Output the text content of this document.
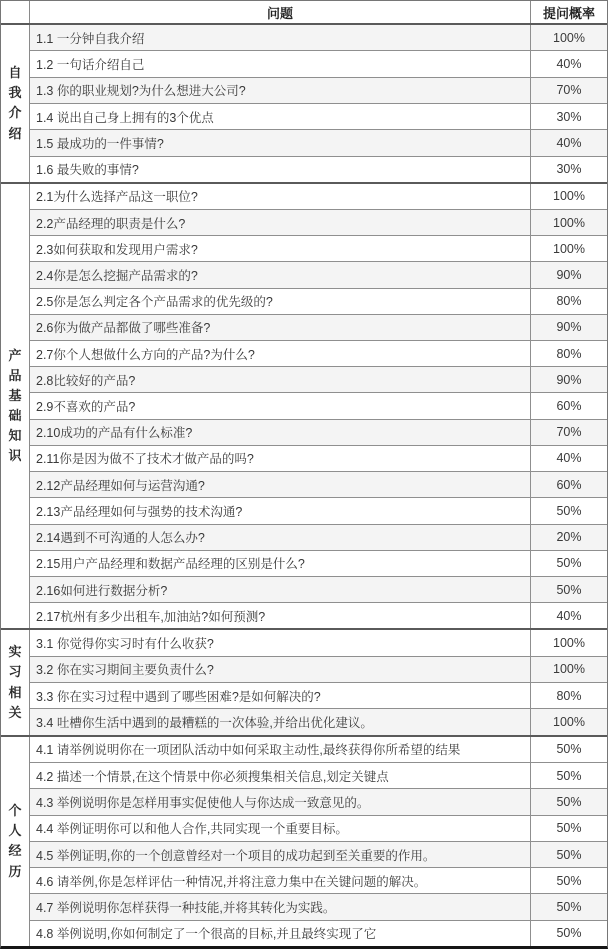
问题	提问概率
自我介绍
1.1 一分钟自我介绍	100%
1.2 一句话介绍自己	40%
1.3 你的职业规划?为什么想进大公司?	70%
1.4 说出自己身上拥有的3个优点	30%
1.5 最成功的一件事情?	40%
1.6 最失败的事情?	30%
产品基础知识
2.1为什么选择产品这一职位?	100%
2.2产品经理的职责是什么?	100%
2.3如何获取和发现用户需求?	100%
2.4你是怎么挖掘产品需求的?	90%
2.5你是怎么判定各个产品需求的优先级的?	80%
2.6你为做产品都做了哪些准备?	90%
2.7你个人想做什么方向的产品?为什么?	80%
2.8比较好的产品?	90%
2.9不喜欢的产品?	60%
2.10成功的产品有什么标准?	70%
2.11你是因为做不了技术才做产品的吗?	40%
2.12产品经理如何与运营沟通?	60%
2.13产品经理如何与强势的技术沟通?	50%
2.14遇到不可沟通的人怎么办?	20%
2.15用户产品经理和数据产品经理的区别是什么?	50%
2.16如何进行数据分析?	50%
2.17杭州有多少出租车,加油站?如何预测?	40%
实习相关
3.1 你觉得你实习时有什么收获?	100%
3.2 你在实习期间主要负责什么?	100%
3.3 你在实习过程中遇到了哪些困难?是如何解决的?	80%
3.4 吐槽你生活中遇到的最糟糕的一次体验,并给出优化建议。	100%
个人经历
4.1 请举例说明你在一项团队活动中如何采取主动性,最终获得你所希望的结果	50%
4.2 描述一个情景,在这个情景中你必须搜集相关信息,划定关键点	50%
4.3 举例说明你是怎样用事实促使他人与你达成一致意见的。	50%
4.4 举例证明你可以和他人合作,共同实现一个重要目标。	50%
4.5 举例证明,你的一个创意曾经对一个项目的成功起到至关重要的作用。	50%
4.6 请举例,你是怎样评估一种情况,并将注意力集中在关键问题的解决。	50%
4.7 举例说明你怎样获得一种技能,并将其转化为实践。	50%
4.8 举例说明,你如何制定了一个很高的目标,并且最终实现了它	50%
